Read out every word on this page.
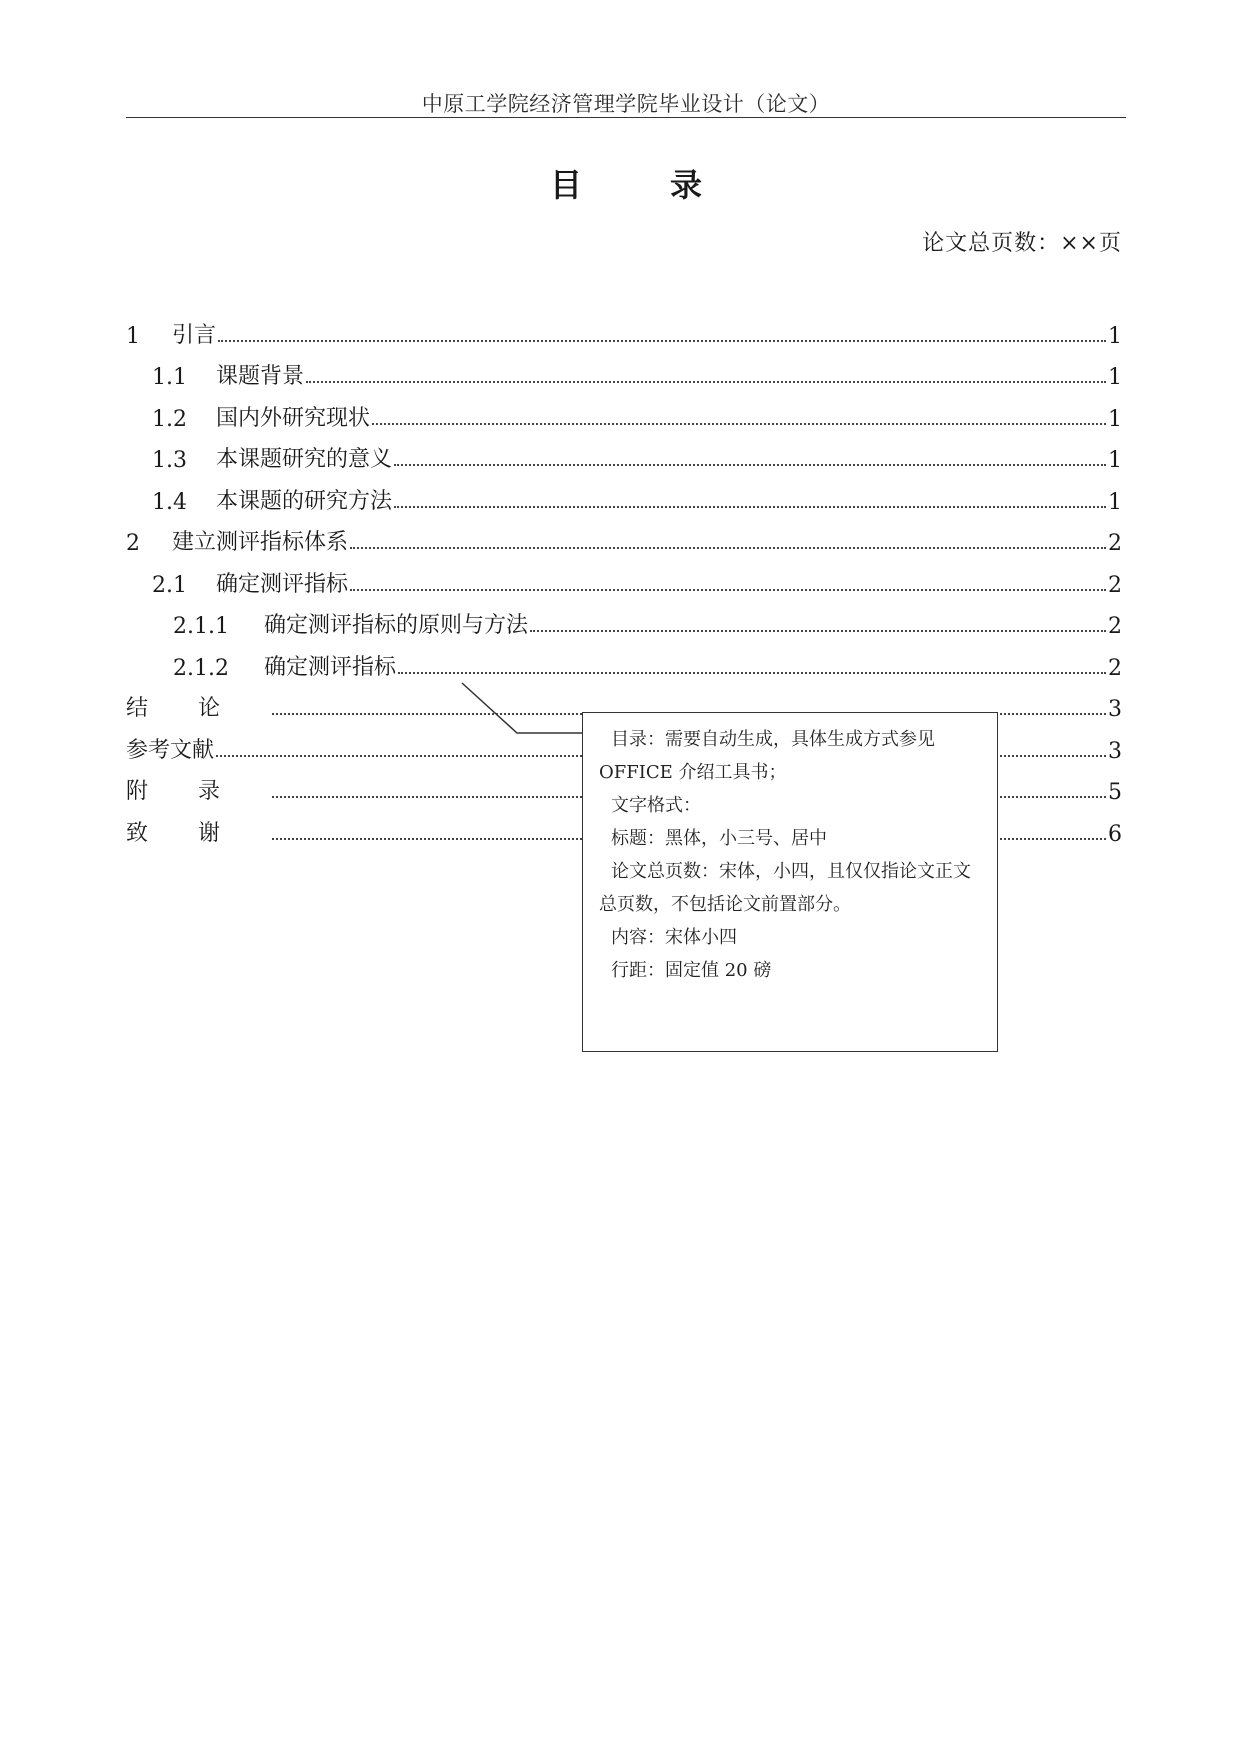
中原工学院经济管理学院毕业设计（论文）
目　录
论文总页数：××页
1	引言	1
1.1	课题背景	1
1.2	国内外研究现状	1
1.3	本课题研究的意义	1
1.4	本课题的研究方法	1
2	建立测评指标体系	2
2.1	确定测评指标	2
2.1.1	确定测评指标的原则与方法	2
2.1.2	确定测评指标	2
结论	3
参考文献	3
附录	5
致谢	6

目录：需要自动生成，具体生成方式参见

OFFICE 介绍工具书；

文字格式：

标题：黑体，小三号、居中

论文总页数：宋体，小四，且仅仅指论文正文

总页数，不包括论文前置部分。

内容：宋体小四

行距：固定值 20 磅
